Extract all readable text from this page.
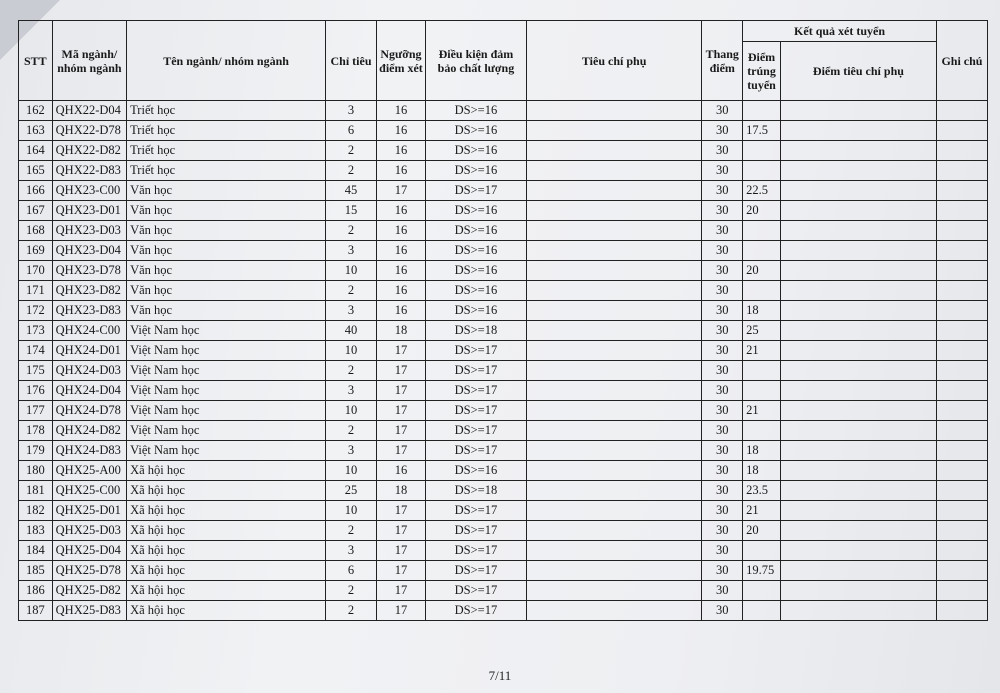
STT	Mã ngành/ nhóm ngành	Tên ngành/ nhóm ngành	Chỉ tiêu	Ngưỡng điểm xét	Điều kiện đảm bảo chất lượng	Tiêu chí phụ	Thang điểm	Kết quả xét tuyển		Ghi chú
								Điểm trúng tuyển	Điểm tiêu chí phụ	
162	QHX22-D04	Triết học	3	16	DS>=16		30			
163	QHX22-D78	Triết học	6	16	DS>=16		30	17.5		
164	QHX22-D82	Triết học	2	16	DS>=16		30			
165	QHX22-D83	Triết học	2	16	DS>=16		30			
166	QHX23-C00	Văn học	45	17	DS>=17		30	22.5		
167	QHX23-D01	Văn học	15	16	DS>=16		30	20		
168	QHX23-D03	Văn học	2	16	DS>=16		30			
169	QHX23-D04	Văn học	3	16	DS>=16		30			
170	QHX23-D78	Văn học	10	16	DS>=16		30	20		
171	QHX23-D82	Văn học	2	16	DS>=16		30			
172	QHX23-D83	Văn học	3	16	DS>=16		30	18		
173	QHX24-C00	Việt Nam học	40	18	DS>=18		30	25		
174	QHX24-D01	Việt Nam học	10	17	DS>=17		30	21		
175	QHX24-D03	Việt Nam học	2	17	DS>=17		30			
176	QHX24-D04	Việt Nam học	3	17	DS>=17		30			
177	QHX24-D78	Việt Nam học	10	17	DS>=17		30	21		
178	QHX24-D82	Việt Nam học	2	17	DS>=17		30			
179	QHX24-D83	Việt Nam học	3	17	DS>=17		30	18		
180	QHX25-A00	Xã hội học	10	16	DS>=16		30	18		
181	QHX25-C00	Xã hội học	25	18	DS>=18		30	23.5		
182	QHX25-D01	Xã hội học	10	17	DS>=17		30	21		
183	QHX25-D03	Xã hội học	2	17	DS>=17		30	20		
184	QHX25-D04	Xã hội học	3	17	DS>=17		30			
185	QHX25-D78	Xã hội học	6	17	DS>=17		30	19.75		
186	QHX25-D82	Xã hội học	2	17	DS>=17		30			
187	QHX25-D83	Xã hội học	2	17	DS>=17		30			
7/11
